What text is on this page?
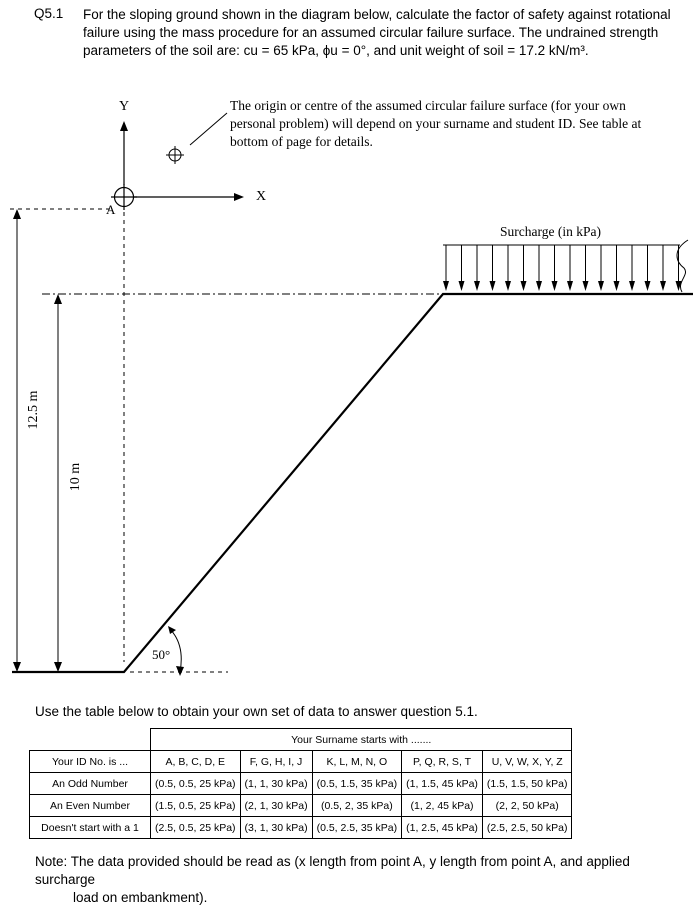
Q5.1 For the sloping ground shown in the diagram below, calculate the factor of safety against rotational failure using the mass procedure for an assumed circular failure surface. The undrained strength parameters of the soil are: cu = 65 kPa, ϕu = 0°, and unit weight of soil = 17.2 kN/m³.
Y
X
A
The origin or centre of the assumed circular failure surface (for your own personal problem) will depend on your surname and student ID. See table at bottom of page for details.
Surcharge (in kPa)
12.5 m
10 m
50°
Use the table below to obtain your own set of data to answer question 5.1.
	Your Surname starts with .......				
Your ID No. is ...	A, B, C, D, E	F, G, H, I, J	K, L, M, N, O	P, Q, R, S, T	U, V, W, X, Y, Z
An Odd Number	(0.5, 0.5, 25 kPa)	(1, 1, 30 kPa)	(0.5, 1.5, 35 kPa)	(1, 1.5, 45 kPa)	(1.5, 1.5, 50 kPa)
An Even Number	(1.5, 0.5, 25 kPa)	(2, 1, 30 kPa)	(0.5, 2, 35 kPa)	(1, 2, 45 kPa)	(2, 2, 50 kPa)
Doesn't start with a 1	(2.5, 0.5, 25 kPa)	(3, 1, 30 kPa)	(0.5, 2.5, 35 kPa)	(1, 2.5, 45 kPa)	(2.5, 2.5, 50 kPa)
Note: The data provided should be read as (x length from point A, y length from point A, and applied surcharge
load on embankment).
